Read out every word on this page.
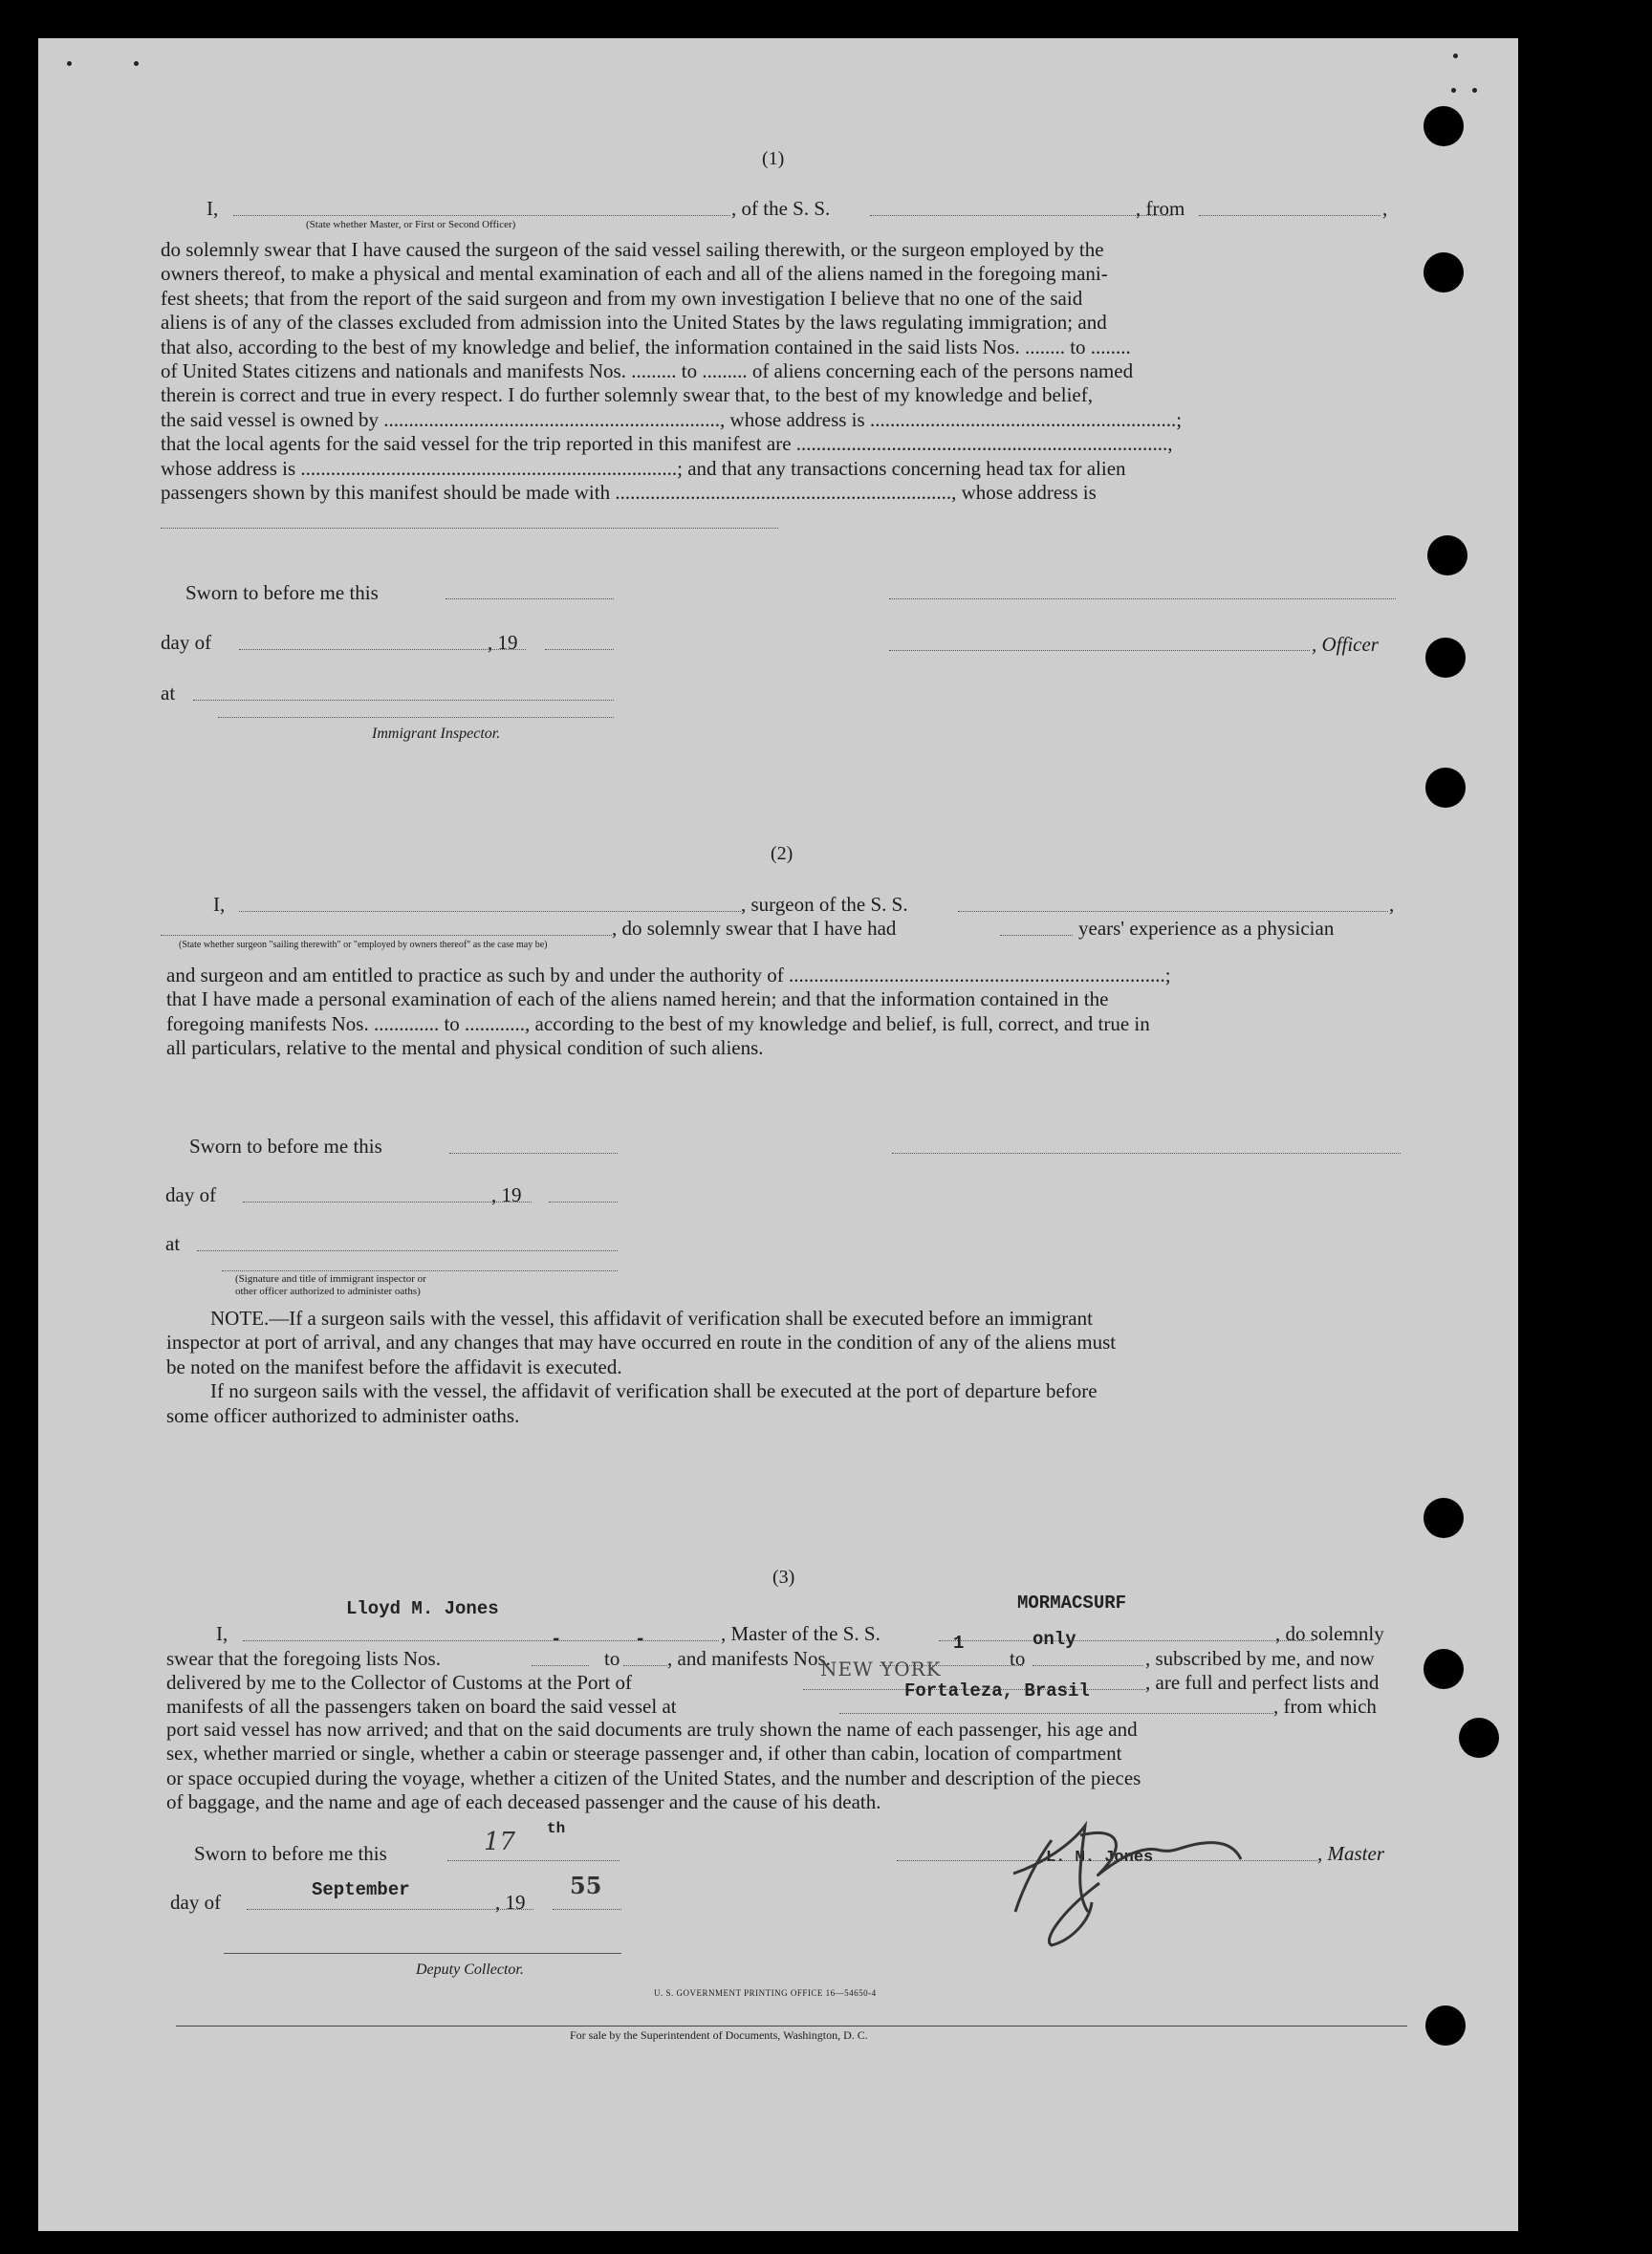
(1)
I,	, of the S. S.	, from	,
(State whether Master, or First or Second Officer)
do solemnly swear that I have caused the surgeon of the said vessel sailing therewith, or the surgeon employed by the
owners thereof, to make a physical and mental examination of each and all of the aliens named in the foregoing mani-
fest sheets; that from the report of the said surgeon and from my own investigation I believe that no one of the said
aliens is of any of the classes excluded from admission into the United States by the laws regulating immigration; and
that also, according to the best of my knowledge and belief, the information contained in the said lists Nos. ........ to ........
of United States citizens and nationals and manifests Nos. ......... to ......... of aliens concerning each of the persons named
therein is correct and true in every respect. I do further solemnly swear that, to the best of my knowledge and belief,
the said vessel is owned by ..................................................................., whose address is .............................................................;
that the local agents for the said vessel for the trip reported in this manifest are ..........................................................................,
whose address is ...........................................................................; and that any transactions concerning head tax for alien
passengers shown by this manifest should be made with ..................................................................., whose address is
Sworn to before me this
day of	, 19	, Officer
at
Immigrant Inspector.
(2)
I,	, surgeon of the S. S.	,
, do solemnly swear that I have had	years' experience as a physician
(State whether surgeon "sailing therewith" or "employed by owners thereof" as the case may be)
and surgeon and am entitled to practice as such by and under the authority of ...........................................................................;
that I have made a personal examination of each of the aliens named herein; and that the information contained in the
foregoing manifests Nos. ............. to ............, according to the best of my knowledge and belief, is full, correct, and true in
all particulars, relative to the mental and physical condition of such aliens.
Sworn to before me this
day of	, 19
at
(Signature and title of immigrant inspector or
other officer authorized to administer oaths)
NOTE.—If a surgeon sails with the vessel, this affidavit of verification shall be executed before an immigrant
inspector at port of arrival, and any changes that may have occurred en route in the condition of any of the aliens must
be noted on the manifest before the affidavit is executed.
If no surgeon sails with the vessel, the affidavit of verification shall be executed at the port of departure before
some officer authorized to administer oaths.
(3)
Lloyd M. Jones	MORMACSURF
I,	, Master of the S. S.	, do solemnly
1	only
-	-
swear that the foregoing lists Nos.	to , and manifests Nos.	to	, subscribed by me, and now
delivered by me to the Collector of Customs at the Port of
NEW YORK
, are full and perfect lists and
Fortaleza, Brasil
manifests of all the passengers taken on board the said vessel at	, from which
port said vessel has now arrived; and that on the said documents are truly shown the name of each passenger, his age and
sex, whether married or single, whether a cabin or steerage passenger and, if other than cabin, location of compartment
or space occupied during the voyage, whether a citizen of the United States, and the number and description of the pieces
of baggage, and the name and age of each deceased passenger and the cause of his death.
Sworn to before me this	17 th
L. M. Jones	, Master
day of
September
, 19
55
Deputy Collector.
U. S. GOVERNMENT PRINTING OFFICE 16—54650-4
For sale by the Superintendent of Documents, Washington, D. C.
